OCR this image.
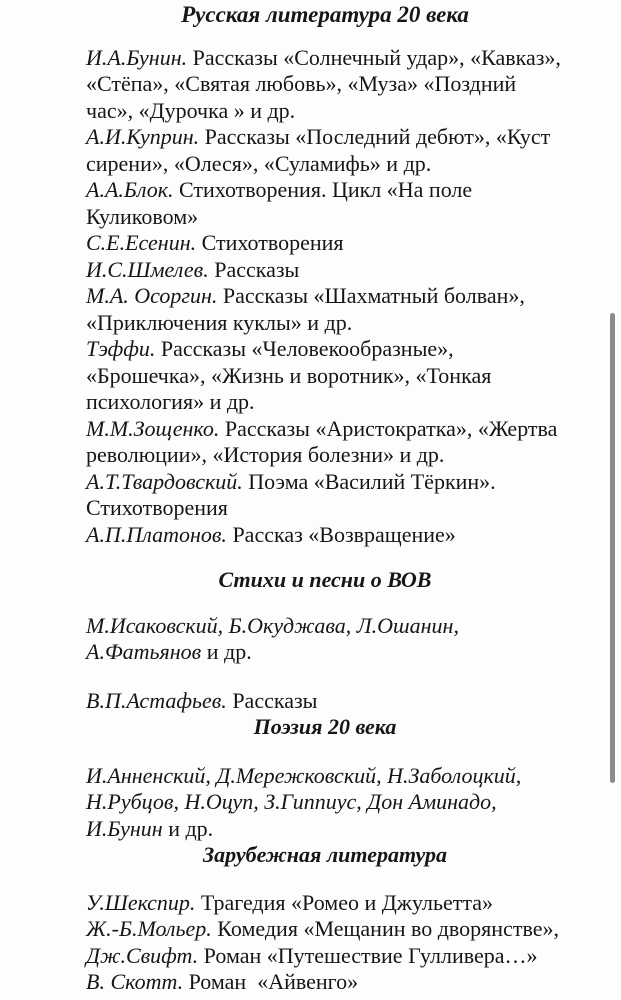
Русская литература 20 века

И.А.Бунин. Рассказы «Солнечный удар», «Кавказ», «Стёпа», «Святая любовь», «Муза» «Поздний час», «Дурочка » и др.

А.И.Куприн. Рассказы «Последний дебют», «Куст сирени», «Олеся», «Суламифь» и др.

А.А.Блок. Стихотворения. Цикл «На поле Куликовом»

С.Е.Есенин. Стихотворения

И.С.Шмелев. Рассказы

М.А. Осоргин. Рассказы «Шахматный болван», «Приключения куклы» и др.

Тэффи. Рассказы «Человекообразные», «Брошечка», «Жизнь и воротник», «Тонкая психология» и др.

М.М.Зощенко. Рассказы «Аристократка», «Жертва революции», «История болезни» и др.

А.Т.Твардовский. Поэма «Василий Тёркин». Стихотворения

А.П.Платонов. Рассказ «Возвращение»

Стихи и песни о ВОВ

М.Исаковский, Б.Окуджава, Л.Ошанин, А.Фатьянов и др.

В.П.Астафьев. Рассказы

Поэзия 20 века

И.Анненский, Д.Мережковский, Н.Заболоцкий, Н.Рубцов, Н.Оцуп, З.Гиппиус, Дон Аминадо, И.Бунин и др.

Зарубежная литература

У.Шекспир. Трагедия «Ромео и Джульетта»

Ж.-Б.Мольер. Комедия «Мещанин во дворянстве»,

Дж.Свифт. Роман «Путешествие Гулливера…»

В. Скотт. Роман  «Айвенго»
